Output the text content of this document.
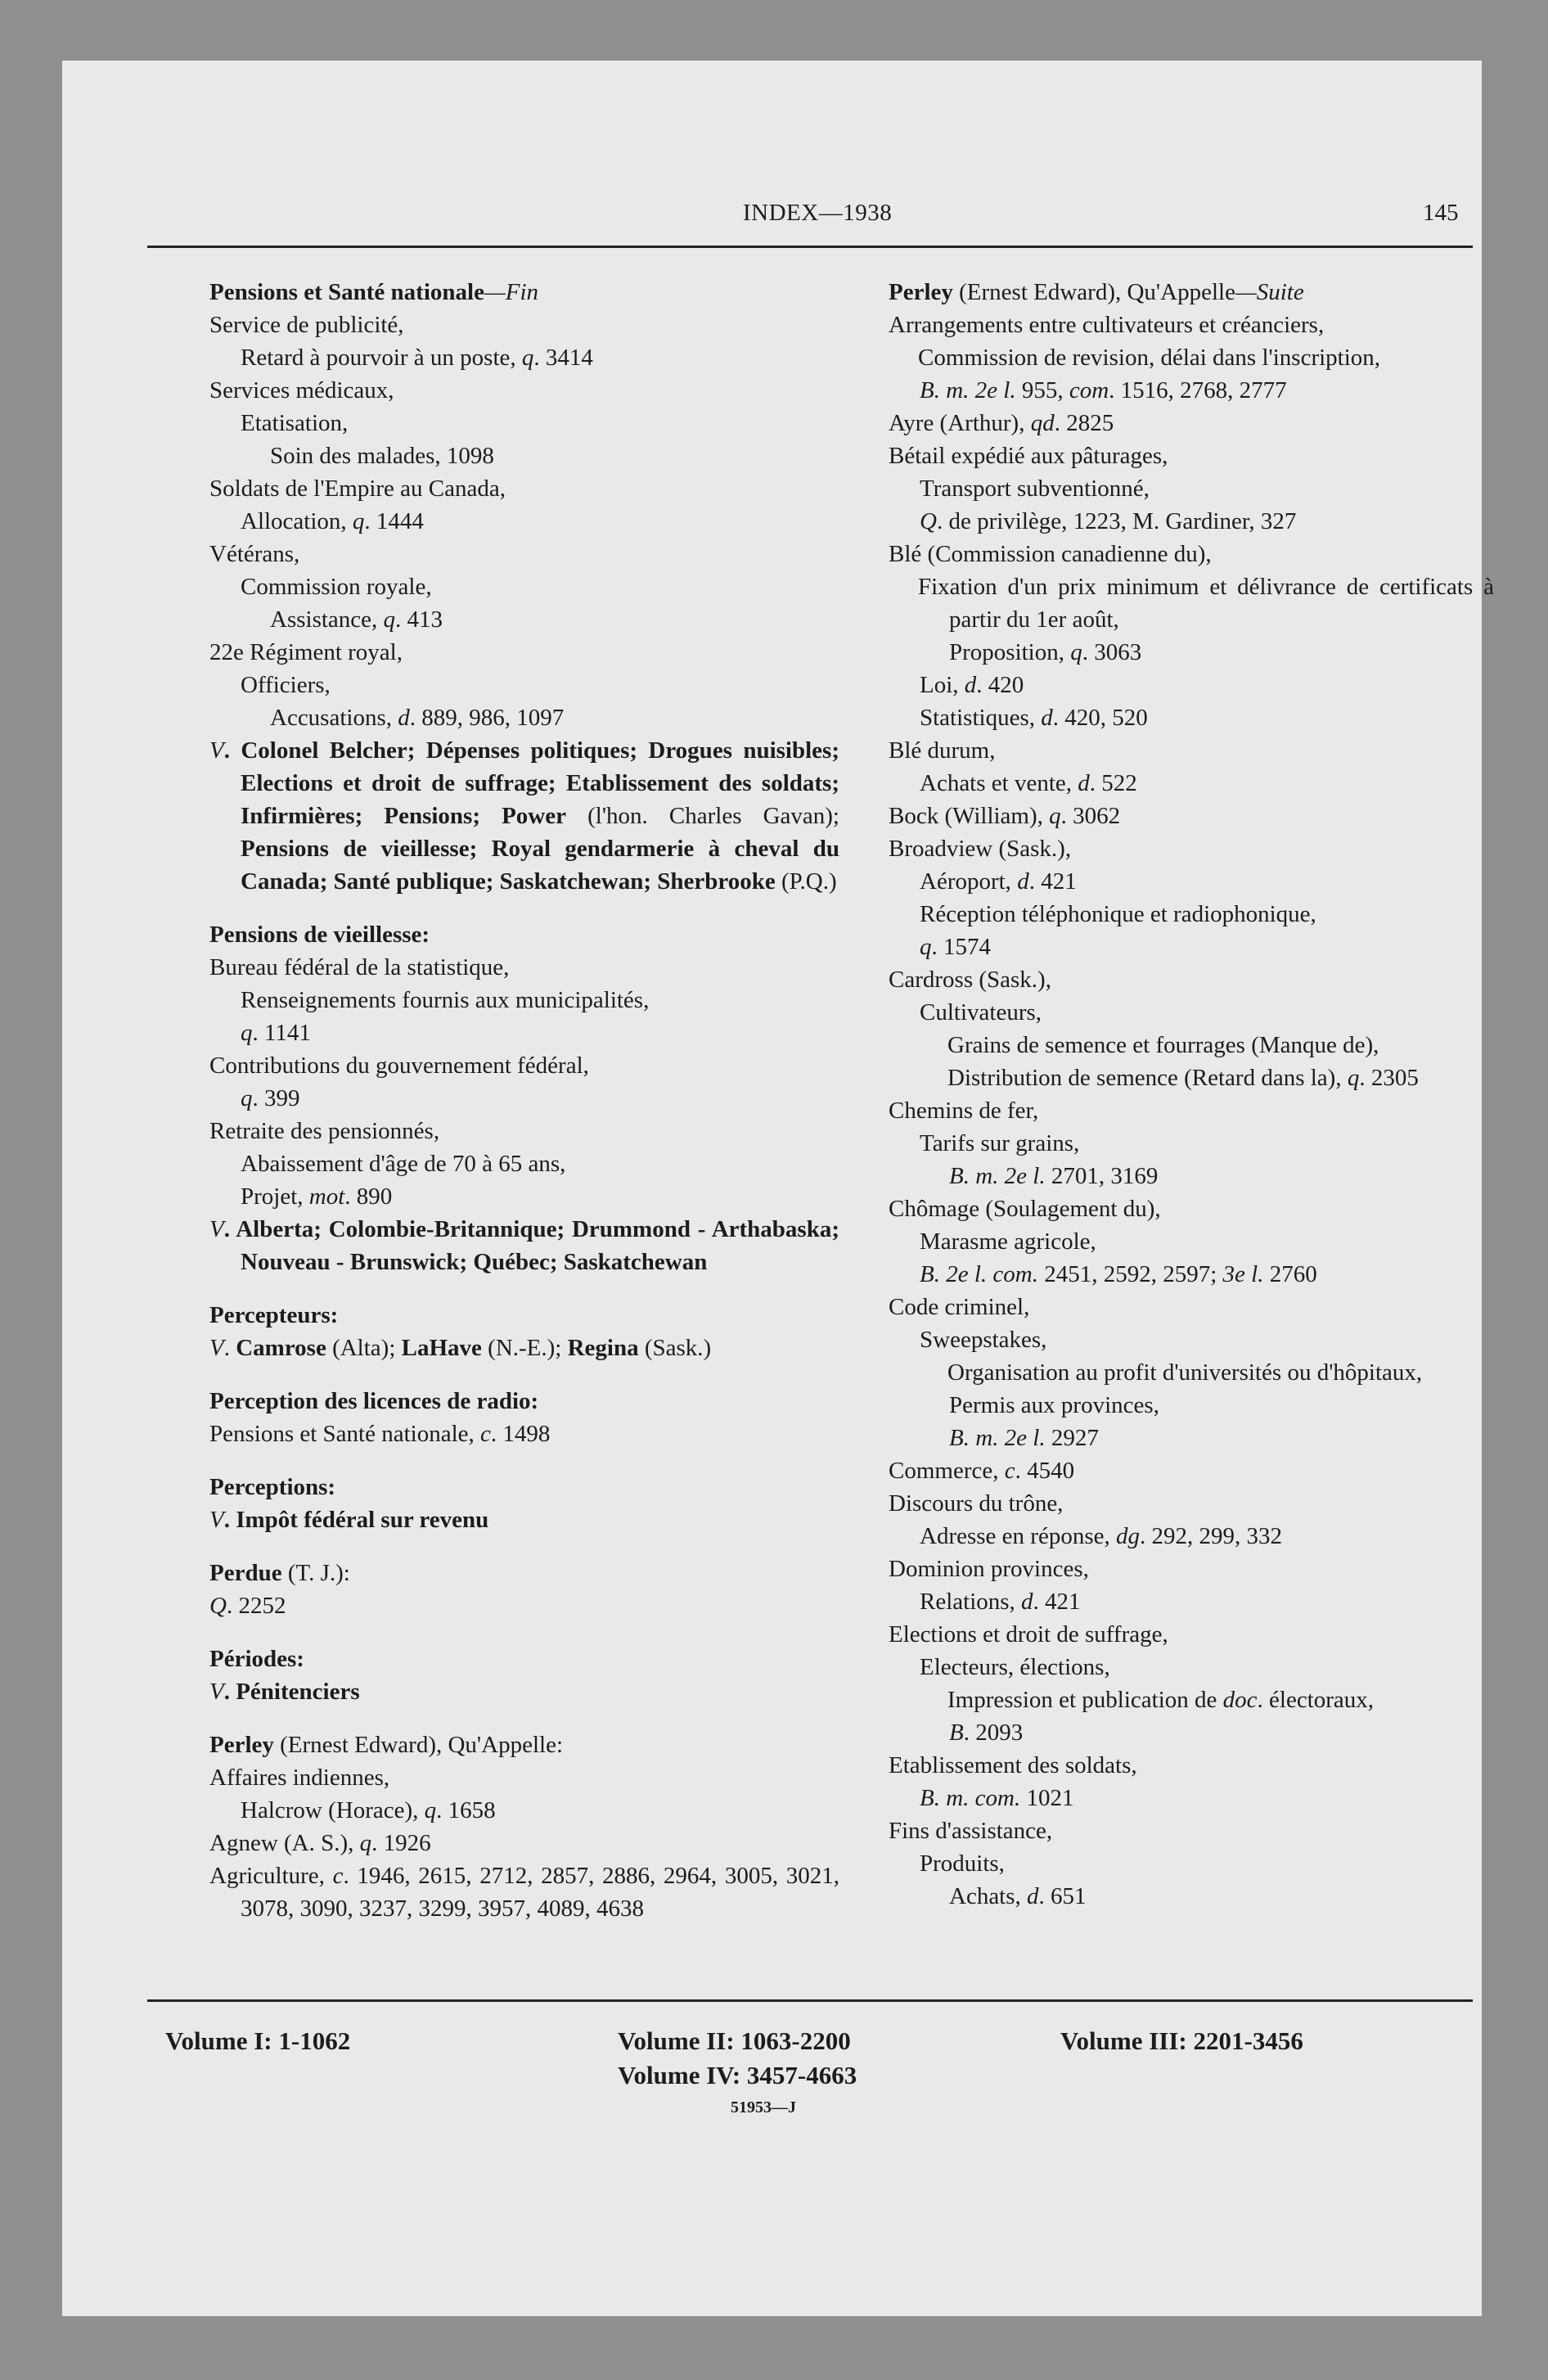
INDEX—1938	145
Pensions et Santé nationale—Fin
Service de publicité,
Retard à pourvoir à un poste, q. 3414
Services médicaux,
Etatisation,
Soin des malades, 1098
Soldats de l'Empire au Canada,
Allocation, q. 1444
Vétérans,
Commission royale,
Assistance, q. 413
22e Régiment royal,
Officiers,
Accusations, d. 889, 986, 1097
V. Colonel Belcher; Dépenses politiques; Drogues nuisibles; Elections et droit de suffrage; Etablissement des soldats; Infirmières; Pensions; Power (l'hon. Charles Gavan); Pensions de vieillesse; Royal gendarmerie à cheval du Canada; Santé publique; Saskatchewan; Sherbrooke (P.Q.)
Pensions de vieillesse:
Bureau fédéral de la statistique,
Renseignements fournis aux municipalités,
q. 1141
Contributions du gouvernement fédéral,
q. 399
Retraite des pensionnés,
Abaissement d'âge de 70 à 65 ans,
Projet, mot. 890
V. Alberta; Colombie-Britannique; Drummond - Arthabaska; Nouveau - Brunswick; Québec; Saskatchewan
Percepteurs:
V. Camrose (Alta); LaHave (N.-E.); Regina (Sask.)
Perception des licences de radio:
Pensions et Santé nationale, c. 1498
Perceptions:
V. Impôt fédéral sur revenu
Perdue (T. J.):
Q. 2252
Périodes:
V. Pénitenciers
Perley (Ernest Edward), Qu'Appelle:
Affaires indiennes,
Halcrow (Horace), q. 1658
Agnew (A. S.), q. 1926
Agriculture, c. 1946, 2615, 2712, 2857, 2886, 2964, 3005, 3021, 3078, 3090, 3237, 3299, 3957, 4089, 4638
Perley (Ernest Edward), Qu'Appelle—Suite
Arrangements entre cultivateurs et créanciers,
Commission de revision, délai dans l'inscription,
B. m. 2e l. 955, com. 1516, 2768, 2777
Ayre (Arthur), qd. 2825
Bétail expédié aux pâturages,
Transport subventionné,
Q. de privilège, 1223, M. Gardiner, 327
Blé (Commission canadienne du),
Fixation d'un prix minimum et délivrance de certificats à partir du 1er août,
Proposition, q. 3063
Loi, d. 420
Statistiques, d. 420, 520
Blé durum,
Achats et vente, d. 522
Bock (William), q. 3062
Broadview (Sask.),
Aéroport, d. 421
Réception téléphonique et radiophonique,
q. 1574
Cardross (Sask.),
Cultivateurs,
Grains de semence et fourrages (Manque de),
Distribution de semence (Retard dans la), q. 2305
Chemins de fer,
Tarifs sur grains,
B. m. 2e l. 2701, 3169
Chômage (Soulagement du),
Marasme agricole,
B. 2e l. com. 2451, 2592, 2597; 3e l. 2760
Code criminel,
Sweepstakes,
Organisation au profit d'universités ou d'hôpitaux,
Permis aux provinces,
B. m. 2e l. 2927
Commerce, c. 4540
Discours du trône,
Adresse en réponse, dg. 292, 299, 332
Dominion provinces,
Relations, d. 421
Elections et droit de suffrage,
Electeurs, élections,
Impression et publication de doc. électoraux,
B. 2093
Etablissement des soldats,
B. m. com. 1021
Fins d'assistance,
Produits,
Achats, d. 651
Volume I: 1-1062	Volume II: 1063-2200
Volume IV: 3457-4663
Volume III: 2201-3456
51953—J
